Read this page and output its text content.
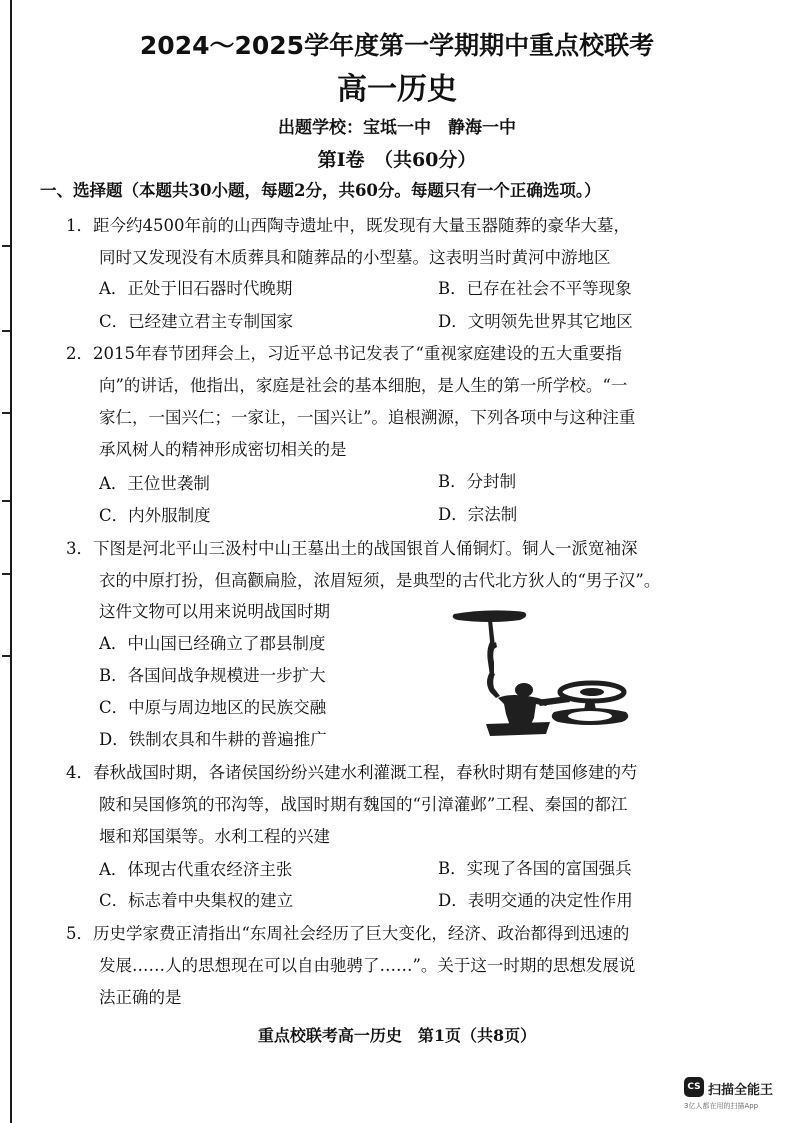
2024～2025学年度第一学期期中重点校联考
高一历史
出题学校：宝坻一中　静海一中
第Ⅰ卷　（共60分）
一、选择题（本题共30小题，每题2分，共60分。每题只有一个正确选项。）
1．距今约4500年前的山西陶寺遗址中，既发现有大量玉器随葬的豪华大墓，
同时又发现没有木质葬具和随葬品的小型墓。这表明当时黄河中游地区
A．正处于旧石器时代晚期	B．已存在社会不平等现象
C．已经建立君主专制国家	D．文明领先世界其它地区
2．2015年春节团拜会上，习近平总书记发表了“重视家庭建设的五大重要指
向”的讲话，他指出，家庭是社会的基本细胞，是人生的第一所学校。“一
家仁，一国兴仁；一家让，一国兴让”。追根溯源，下列各项中与这种注重
承风树人的精神形成密切相关的是
A．王位世袭制	B．分封制
C．内外服制度	D．宗法制
3．下图是河北平山三汲村中山王墓出土的战国银首人俑铜灯。铜人一派宽袖深
衣的中原打扮，但高颧扁脸，浓眉短须，是典型的古代北方狄人的“男子汉”。
这件文物可以用来说明战国时期
A．中山国已经确立了郡县制度
B．各国间战争规模进一步扩大
C．中原与周边地区的民族交融
D．铁制农具和牛耕的普遍推广
4．春秋战国时期，各诸侯国纷纷兴建水利灌溉工程，春秋时期有楚国修建的芍
陂和吴国修筑的邗沟等，战国时期有魏国的“引漳灌邺”工程、秦国的都江
堰和郑国渠等。水利工程的兴建
A．体现古代重农经济主张	B．实现了各国的富国强兵
C．标志着中央集权的建立	D．表明交通的决定性作用
5．历史学家费正清指出“东周社会经历了巨大变化，经济、政治都得到迅速的
发展……人的思想现在可以自由驰骋了……”。关于这一时期的思想发展说
法正确的是
重点校联考高一历史　第1页（共8页）
CS 扫描全能王
3亿人都在用的扫描App
